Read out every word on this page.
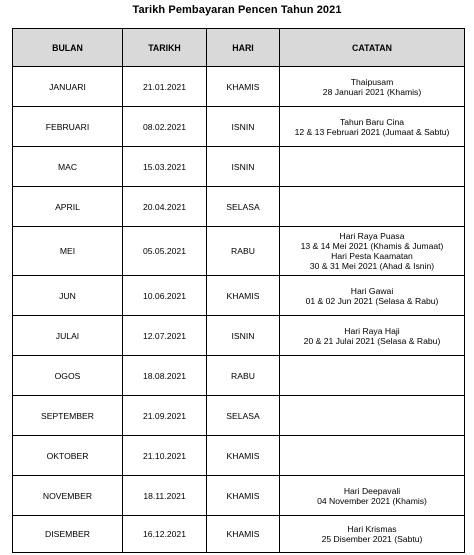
Tarikh Pembayaran Pencen Tahun 2021
BULAN	TARIKH	HARI	CATATAN
JANUARI	21.01.2021	KHAMIS	Thaipusam
28 Januari 2021 (Khamis)

FEBRUARI	08.02.2021	ISNIN	Tahun Baru Cina
12 & 13 Februari 2021 (Jumaat & Sabtu)

MAC	15.03.2021	ISNIN	
APRIL	20.04.2021	SELASA	
MEI	05.05.2021	RABU	Hari Raya Puasa
13 & 14 Mei 2021 (Khamis & Jumaat)
Hari Pesta Kaamatan
30 & 31 Mei 2021 (Ahad & Isnin)

JUN	10.06.2021	KHAMIS	Hari Gawai
01 & 02 Jun 2021 (Selasa & Rabu)

JULAI	12.07.2021	ISNIN	Hari Raya Haji
20 & 21 Julai 2021 (Selasa & Rabu)

OGOS	18.08.2021	RABU	
SEPTEMBER	21.09.2021	SELASA	
OKTOBER	21.10.2021	KHAMIS	
NOVEMBER	18.11.2021	KHAMIS	Hari Deepavali
04 November 2021 (Khamis)

DISEMBER	16.12.2021	KHAMIS	Hari Krismas
25 Disember 2021 (Sabtu)
